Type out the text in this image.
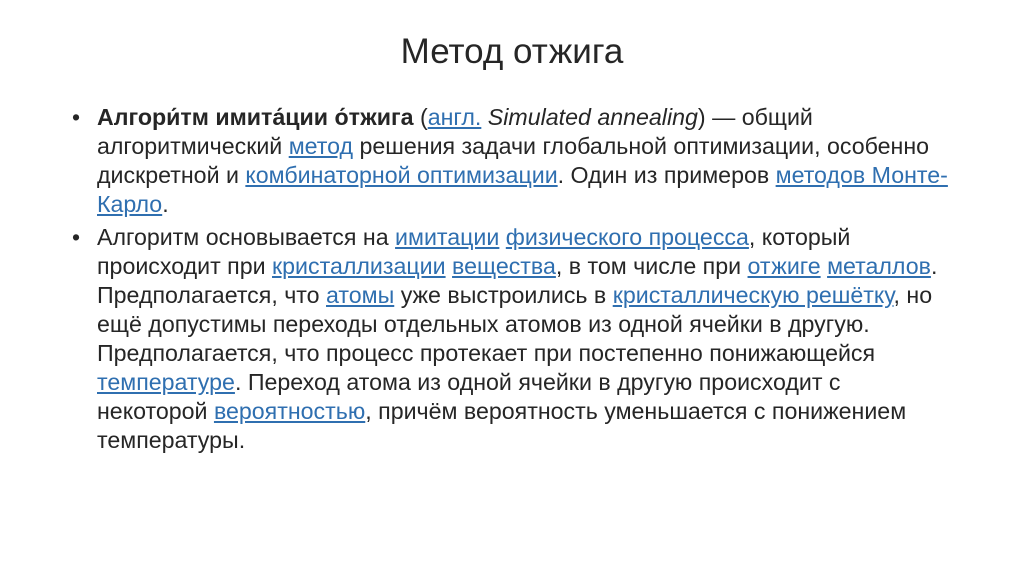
Метод отжига
• Алгори́тм имита́ции о́тжига (англ. Simulated annealing) — общий алгоритмический метод решения задачи глобальной оптимизации, особенно дискретной и комбинаторной оптимизации. Один из примеров методов Монте-Карло.
• Алгоритм основывается на имитации физического процесса, который происходит при кристаллизации вещества, в том числе при отжиге металлов. Предполагается, что атомы уже выстроились в кристаллическую решётку, но ещё допустимы переходы отдельных атомов из одной ячейки в другую. Предполагается, что процесс протекает при постепенно понижающейся температуре. Переход атома из одной ячейки в другую происходит с некоторой вероятностью, причём вероятность уменьшается с понижением температуры.
